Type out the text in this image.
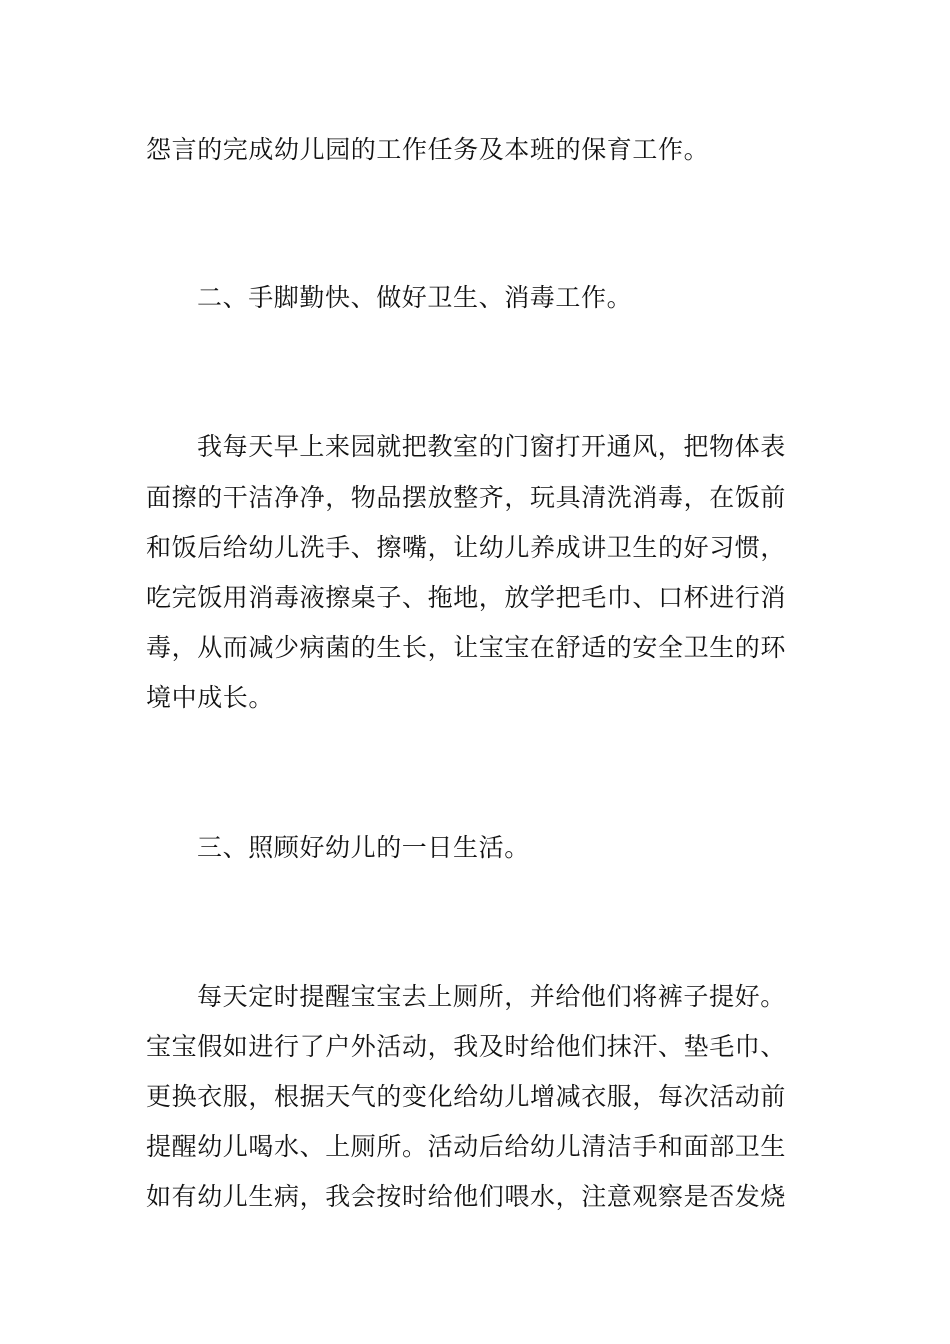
怨言的完成幼儿园的工作任务及本班的保育工作。
二、手脚勤快、做好卫生、消毒工作。
我每天早上来园就把教室的门窗打开通风，把物体表
面擦的干洁净净，物品摆放整齐，玩具清洗消毒，在饭前
和饭后给幼儿洗手、擦嘴，让幼儿养成讲卫生的好习惯，
吃完饭用消毒液擦桌子、拖地，放学把毛巾、口杯进行消
毒，从而减少病菌的生长，让宝宝在舒适的安全卫生的环
境中成长。
三、照顾好幼儿的一日生活。
每天定时提醒宝宝去上厕所，并给他们将裤子提好。
宝宝假如进行了户外活动，我及时给他们抹汗、垫毛巾、
更换衣服，根据天气的变化给幼儿增减衣服，每次活动前
提醒幼儿喝水、上厕所。活动后给幼儿清洁手和面部卫生
如有幼儿生病，我会按时给他们喂水，注意观察是否发烧
